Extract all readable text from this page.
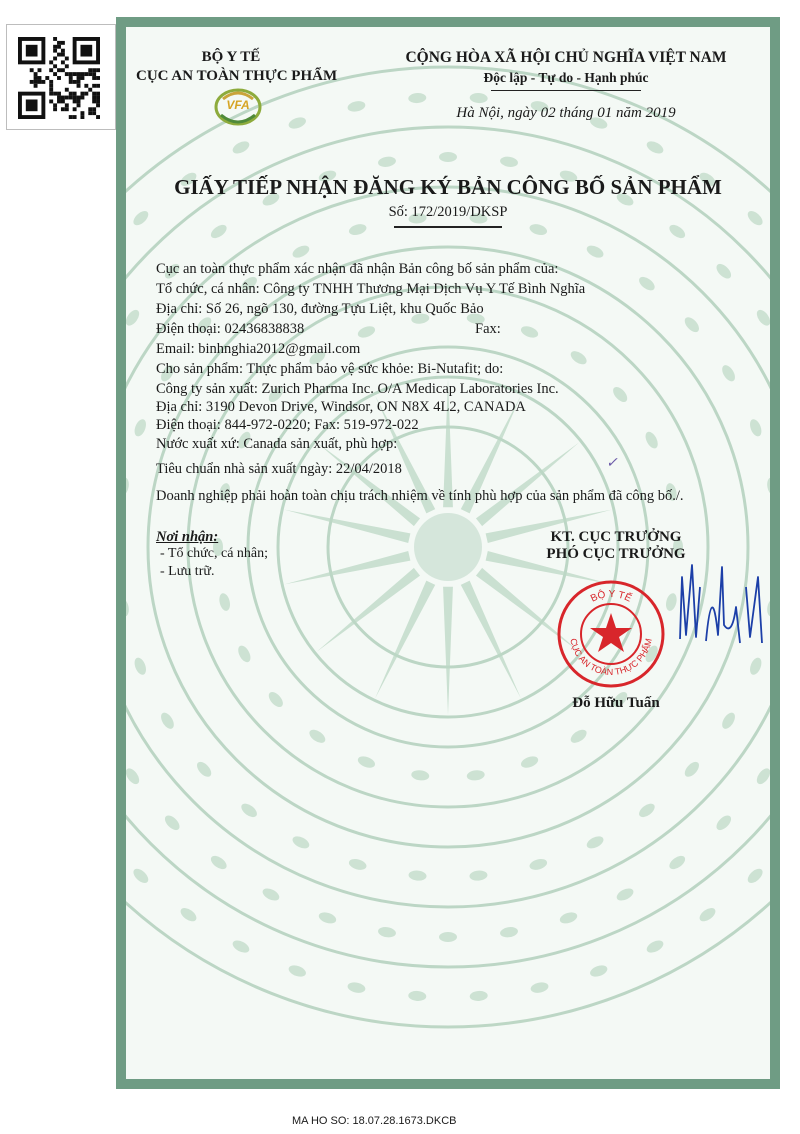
BỘ Y TẾ
CỤC AN TOÀN THỰC PHẨM
VFA
CỘNG HÒA XÃ HỘI CHỦ NGHĨA VIỆT NAM
Độc lập - Tự do - Hạnh phúc
Hà Nội, ngày 02 tháng 01 năm 2019
GIẤY TIẾP NHẬN ĐĂNG KÝ BẢN CÔNG BỐ SẢN PHẨM
Số: 172/2019/DKSP
Cục an toàn thực phẩm xác nhận đã nhận Bản công bố sản phẩm của:
Tổ chức, cá nhân: Công ty TNHH Thương Mại Dịch Vụ Y Tế Bình Nghĩa
Địa chỉ: Số 26, ngõ 130, đường Tựu Liệt, khu Quốc Bảo
Điện thoại: 02436838838	Fax:
Email: binhnghia2012@gmail.com
Cho sản phẩm: Thực phẩm bảo vệ sức khỏe: Bi-Nutafit; do:
Công ty sản xuất: Zurich Pharma Inc. O/A Medicap Laboratories Inc.
Địa chỉ: 3190 Devon Drive, Windsor, ON N8X 4L2, CANADA
Điện thoại: 844-972-0220; Fax: 519-972-022
Nước xuất xứ: Canada sản xuất, phù hợp:
Tiêu chuẩn nhà sản xuất ngày: 22/04/2018
Doanh nghiệp phải hoàn toàn chịu trách nhiệm về tính phù hợp của sản phẩm đã công bố./.
✓
Nơi nhận:
- Tổ chức, cá nhân;
- Lưu trữ.
KT. CỤC TRƯỞNG
PHÓ CỤC TRƯỞNG
BỘ Y TẾ
CỤC AN TOÀN THỰC PHẨM
Đỗ Hữu Tuấn
MA HO SO: 18.07.28.1673.DKCB
